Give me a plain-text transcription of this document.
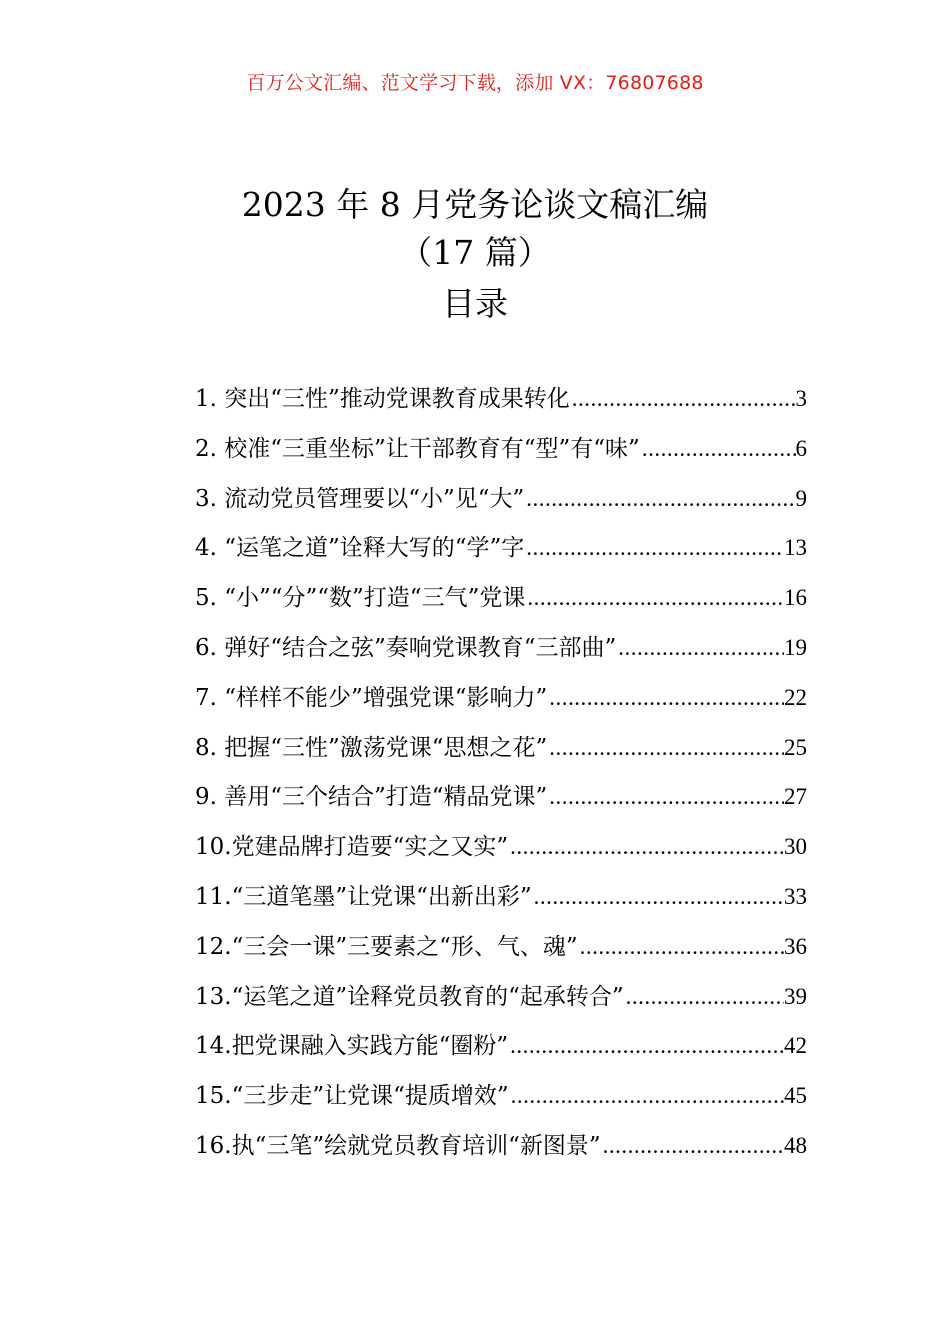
百万公文汇编、范文学习下载，添加 VX：76807688
2023 年 8 月党务论谈文稿汇编
（17 篇）
目录
1. 突出“三性”推动党课教育成果转化 .....	3
2. 校准“三重坐标”让干部教育有“型”有“味” .....	6
3. 流动党员管理要以“小”见“大” .....	9
4. “运笔之道”诠释大写的“学”字 .....	13
5. “小”“分”“数”打造“三气”党课 .....	16
6. 弹好“结合之弦”奏响党课教育“三部曲” .....	19
7. “样样不能少”增强党课“影响力” .....	22
8. 把握“三性”激荡党课“思想之花” .....	25
9. 善用“三个结合”打造“精品党课” .....	27
10.党建品牌打造要“实之又实” .....	30
11.“三道笔墨”让党课“出新出彩” .....	33
12.“三会一课”三要素之“形、气、魂” .....	36
13.“运笔之道”诠释党员教育的“起承转合” .....	39
14.把党课融入实践方能“圈粉” .....	42
15.“三步走”让党课“提质增效” .....	45
16.执“三笔”绘就党员教育培训“新图景” .....	48
